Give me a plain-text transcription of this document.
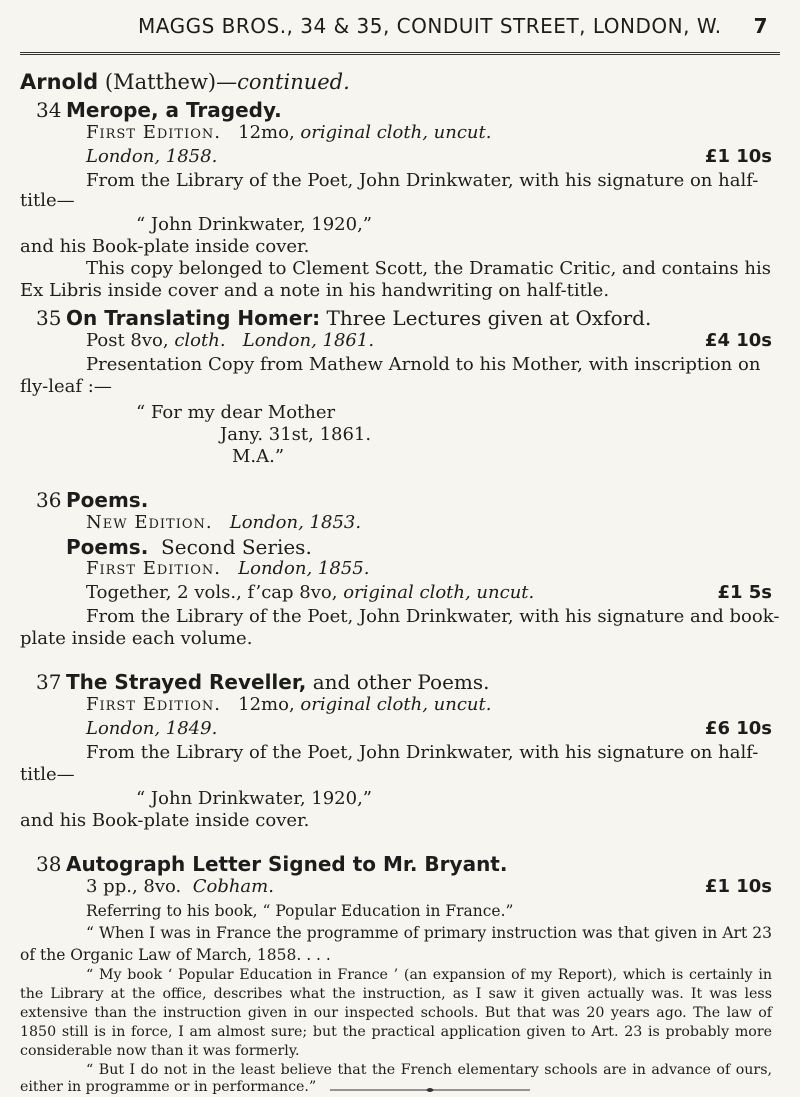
MAGGS BROS., 34 & 35, CONDUIT STREET, LONDON, W. 7
Arnold (Matthew)—continued.
34 Merope, a Tragedy.
First Edition. 12mo, original cloth, uncut.
London, 1858.	£1 10s
From the Library of the Poet, John Drinkwater, with his signature on half-
title—
“ John Drinkwater, 1920,”
and his Book-plate inside cover.
This copy belonged to Clement Scott, the Dramatic Critic, and contains his
Ex Libris inside cover and a note in his handwriting on half-title.
35 On Translating Homer: Three Lectures given at Oxford.
Post 8vo, cloth. London, 1861.	£4 10s
Presentation Copy from Mathew Arnold to his Mother, with inscription on
fly-leaf :—
“ For my dear Mother
Jany. 31st, 1861.
M.A.”
36 Poems.
New Edition. London, 1853.
Poems. Second Series.
First Edition. London, 1855.
Together, 2 vols., f’cap 8vo, original cloth, uncut.	£1 5s
From the Library of the Poet, John Drinkwater, with his signature and book-
plate inside each volume.
37 The Strayed Reveller, and other Poems.
First Edition. 12mo, original cloth, uncut.
London, 1849.	£6 10s
From the Library of the Poet, John Drinkwater, with his signature on half-
title—
“ John Drinkwater, 1920,”
and his Book-plate inside cover.
38 Autograph Letter Signed to Mr. Bryant.
3 pp., 8vo. Cobham.	£1 10s
Referring to his book, “ Popular Education in France.”
“ When I was in France the programme of primary instruction was that given in Art 23 of the Organic Law of March, 1858. . . .
“ My book ‘ Popular Education in France ’ (an expansion of my Report), which is certainly in the Library at the office, describes what the instruction, as I saw it given actually was. It was less extensive than the instruction given in our inspected schools. But that was 20 years ago. The law of 1850 still is in force, I am almost sure; but the practical application given to Art. 23 is probably more considerable now than it was formerly.
“ But I do not in the least believe that the French elementary schools are in advance of ours, either in programme or in performance.”
